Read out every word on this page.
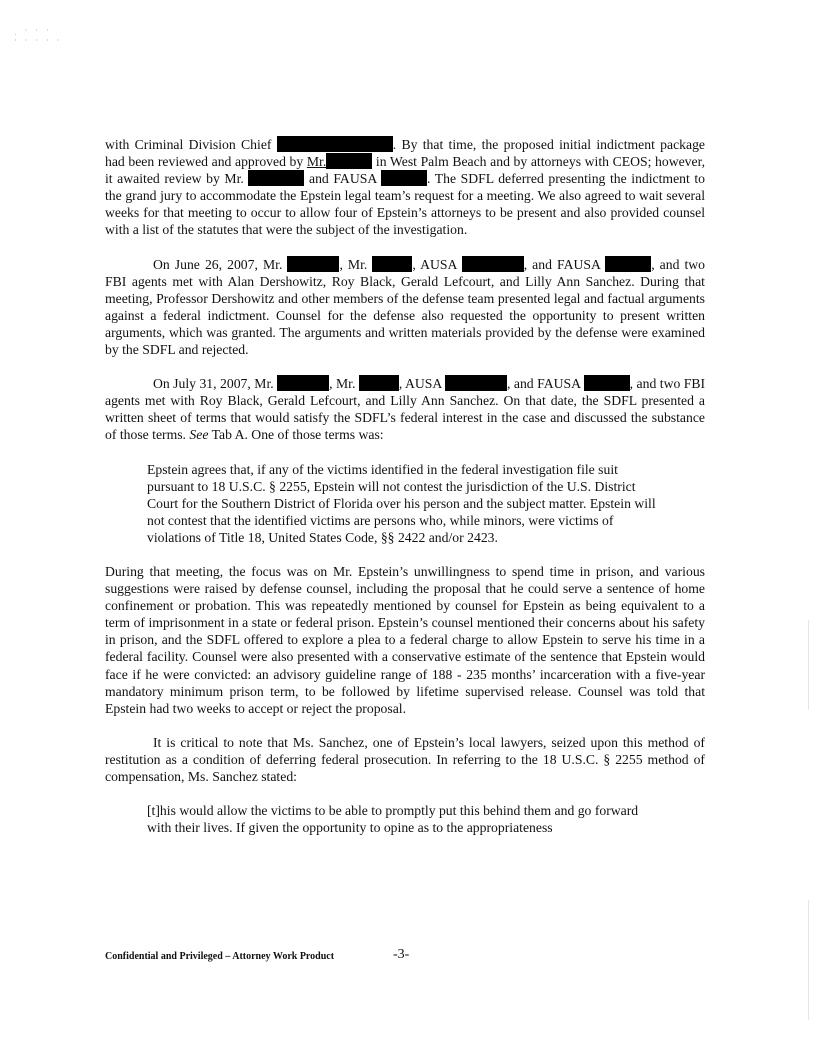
ˌ · · ·
· · · · ·

with Criminal Division Chief	. By that time, the proposed initial indictment package had been reviewed and approved by Mr.	in West Palm Beach and by attorneys with CEOS; however, it awaited review by Mr.	and FAUSA	. The SDFL deferred presenting the indictment to the grand jury to accommodate the Epstein legal team’s request for a meeting. We also agreed to wait several weeks for that meeting to occur to allow four of Epstein’s attorneys to be present and also provided counsel with a list of the statutes that were the subject of the investigation.

On June 26, 2007, Mr.	, Mr.	, AUSA	, and FAUSA	, and two FBI agents met with Alan Dershowitz, Roy Black, Gerald Lefcourt, and Lilly Ann Sanchez. During that meeting, Professor Dershowitz and other members of the defense team presented legal and factual arguments against a federal indictment. Counsel for the defense also requested the opportunity to present written arguments, which was granted. The arguments and written materials provided by the defense were examined by the SDFL and rejected.

On July 31, 2007, Mr.	, Mr.	, AUSA	, and FAUSA	, and two FBI agents met with Roy Black, Gerald Lefcourt, and Lilly Ann Sanchez. On that date, the SDFL presented a written sheet of terms that would satisfy the SDFL’s federal interest in the case and discussed the substance of those terms. See Tab A. One of those terms was:

Epstein agrees that, if any of the victims identified in the federal investigation file suit pursuant to 18 U.S.C. § 2255, Epstein will not contest the jurisdiction of the U.S. District Court for the Southern District of Florida over his person and the subject matter. Epstein will not contest that the identified victims are persons who, while minors, were victims of violations of Title 18, United States Code, §§ 2422 and/or 2423.

During that meeting, the focus was on Mr. Epstein’s unwillingness to spend time in prison, and various suggestions were raised by defense counsel, including the proposal that he could serve a sentence of home confinement or probation. This was repeatedly mentioned by counsel for Epstein as being equivalent to a term of imprisonment in a state or federal prison. Epstein’s counsel mentioned their concerns about his safety in prison, and the SDFL offered to explore a plea to a federal charge to allow Epstein to serve his time in a federal facility. Counsel were also presented with a conservative estimate of the sentence that Epstein would face if he were convicted: an advisory guideline range of 188 - 235 months’ incarceration with a five-year mandatory minimum prison term, to be followed by lifetime supervised release. Counsel was told that Epstein had two weeks to accept or reject the proposal.

It is critical to note that Ms. Sanchez, one of Epstein’s local lawyers, seized upon this method of restitution as a condition of deferring federal prosecution. In referring to the 18 U.S.C. § 2255 method of compensation, Ms. Sanchez stated:

[t]his would allow the victims to be able to promptly put this behind them and go forward with their lives. If given the opportunity to opine as to the appropriateness

Confidential and Privileged – Attorney Work Product	-3-
